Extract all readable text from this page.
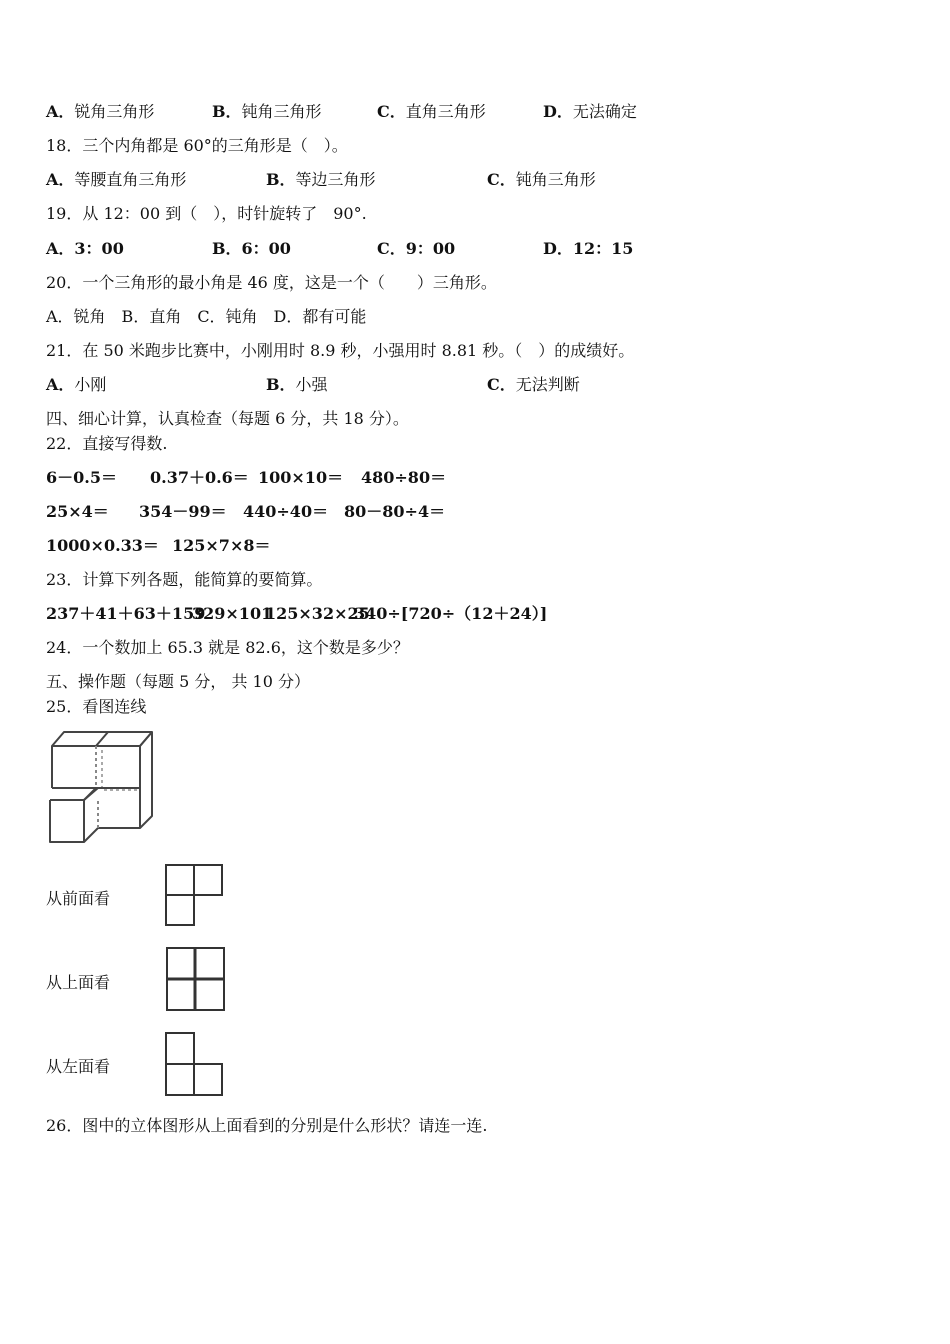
A．锐角三角形	B．钝角三角形	C．直角三角形	D．无法确定
18．三个内角都是 60°的三角形是（　）。
A．等腰直角三角形	B．等边三角形	C．钝角三角形
19．从 12：00 到（　），时针旋转了　90°.
A．3：00	B．6：00	C．9：00	D．12：15
20．一个三角形的最小角是 46 度，这是一个（　　）三角形。
A．锐角　B．直角　C．钝角　D．都有可能
21．在 50 米跑步比赛中，小刚用时 8.9 秒，小强用时 8.81 秒。（　）的成绩好。
A．小刚	B．小强	C．无法判断
四、细心计算，认真检查（每题 6 分，共 18 分）。
22．直接写得数.
6－0.5＝ 0.37＋0.6＝ 100×10＝ 480÷80＝
25×4＝ 354－99＝ 440÷40＝ 80－80÷4＝
1000×0.33＝ 125×7×8＝
23．计算下列各题，能简算的要简算。
237＋41＋63＋159
329×101
125×32×25
340÷[720÷（12＋24）]
24．一个数加上 65.3 就是 82.6，这个数是多少？
五、操作题（每题 5 分， 共 10 分）
25．看图连线
从前面看
从上面看
从左面看
26．图中的立体图形从上面看到的分别是什么形状？请连一连.
